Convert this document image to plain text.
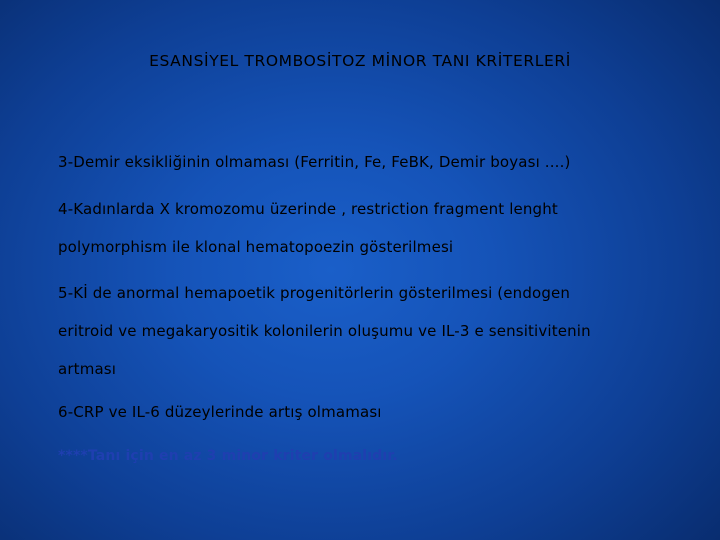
ESANSİYEL TROMBOSİTOZ MİNOR TANI KRİTERLERİ
3-Demir eksikliğinin olmaması (Ferritin, Fe, FeBK, Demir boyası ....)
4-Kadınlarda X kromozomu üzerinde , restriction fragment lenght
polymorphism ile klonal hematopoezin gösterilmesi
5-Kİ de anormal hemapoetik progenitörlerin gösterilmesi (endogen
eritroid ve megakaryositik kolonilerin oluşumu ve IL-3 e sensitivitenin
artması
6-CRP ve IL-6 düzeylerinde artış olmaması
****Tanı için en az 3 minor kriter olmalıdır.
